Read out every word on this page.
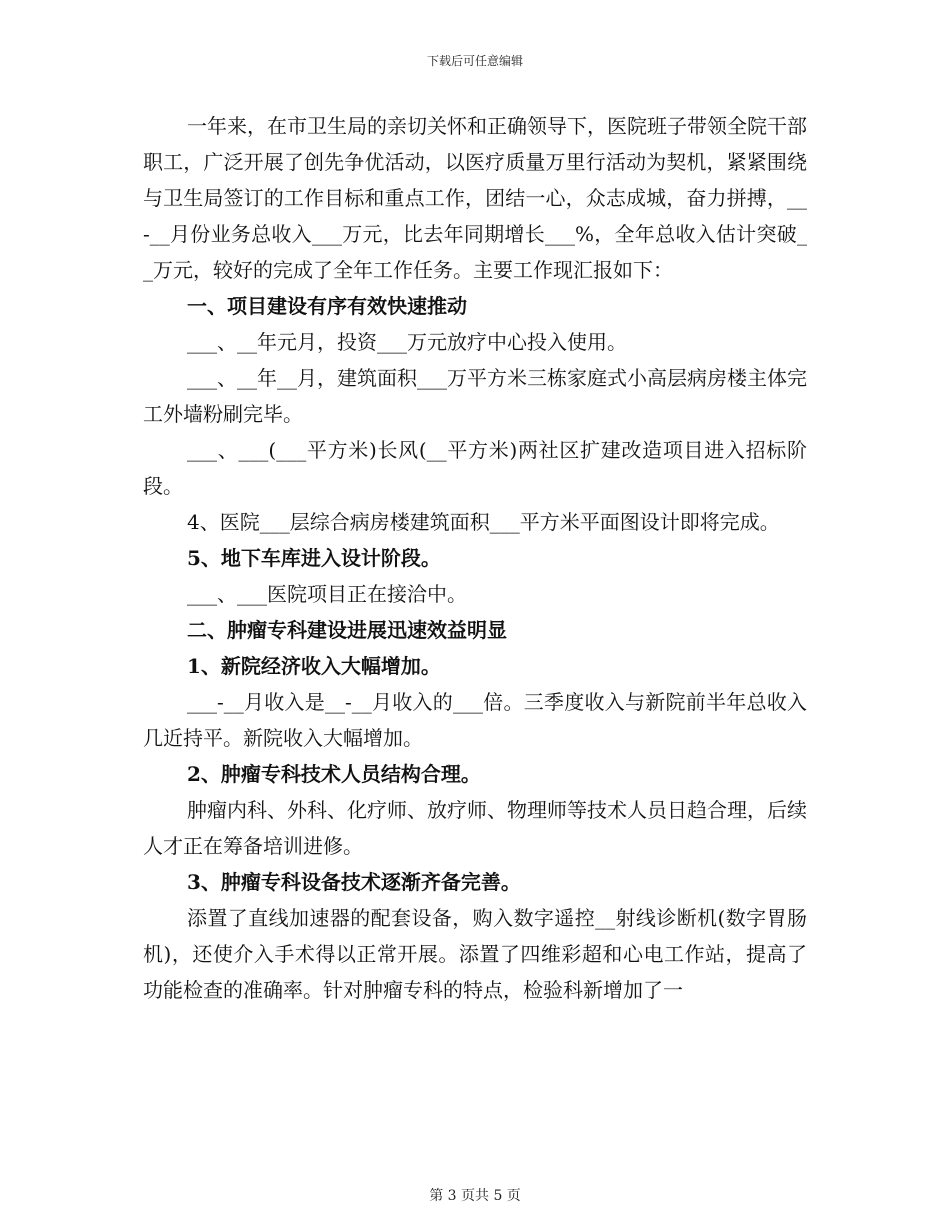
下载后可任意编辑

一年来，在市卫生局的亲切关怀和正确领导下，医院班子带领全院干部职工，广泛开展了创先争优活动，以医疗质量万里行活动为契机，紧紧围绕与卫生局签订的工作目标和重点工作，团结一心，众志成城，奋力拼搏，__-__月份业务总收入___万元，比去年同期增长___%，全年总收入估计突破__万元，较好的完成了全年工作任务。主要工作现汇报如下：

一、项目建设有序有效快速推动

___、__年元月，投资___万元放疗中心投入使用。

___、__年__月，建筑面积___万平方米三栋家庭式小高层病房楼主体完工外墙粉刷完毕。

___、___(___平方米)长风(__平方米)两社区扩建改造项目进入招标阶段。

4、医院___层综合病房楼建筑面积___平方米平面图设计即将完成。

5、地下车库进入设计阶段。

___、___医院项目正在接洽中。

二、肿瘤专科建设进展迅速效益明显

1、新院经济收入大幅增加。

___-__月收入是__-__月收入的___倍。三季度收入与新院前半年总收入几近持平。新院收入大幅增加。

2、肿瘤专科技术人员结构合理。

肿瘤内科、外科、化疗师、放疗师、物理师等技术人员日趋合理，后续人才正在筹备培训进修。

3、肿瘤专科设备技术逐渐齐备完善。

添置了直线加速器的配套设备，购入数字遥控__射线诊断机(数字胃肠机)，还使介入手术得以正常开展。添置了四维彩超和心电工作站，提高了功能检查的准确率。针对肿瘤专科的特点，检验科新增加了一

第 3 页共 5 页
